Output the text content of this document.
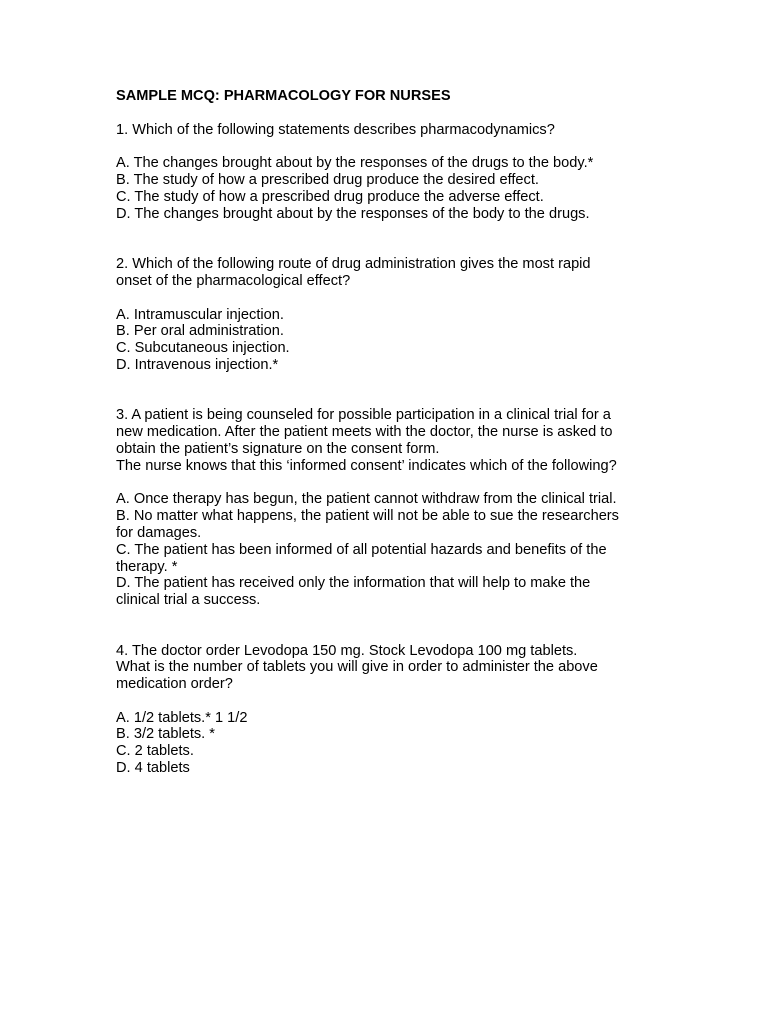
SAMPLE MCQ: PHARMACOLOGY FOR NURSES
1. Which of the following statements describes pharmacodynamics?
A. The changes brought about by the responses of the drugs to the body.*
B. The study of how a prescribed drug produce the desired effect.
C. The study of how a prescribed drug produce the adverse effect.
D. The changes brought about by the responses of the body to the drugs.
2. Which of the following route of drug administration gives the most rapid
onset of the pharmacological effect?
A. Intramuscular injection.
B. Per oral administration.
C. Subcutaneous injection.
D. Intravenous injection.*
3. A patient is being counseled for possible participation in a clinical trial for a
new medication. After the patient meets with the doctor, the nurse is asked to
obtain the patient’s signature on the consent form.
The nurse knows that this ‘informed consent’ indicates which of the following?
A. Once therapy has begun, the patient cannot withdraw from the clinical trial.
B. No matter what happens, the patient will not be able to sue the researchers
for damages.
C. The patient has been informed of all potential hazards and benefits of the
therapy. *
D. The patient has received only the information that will help to make the
clinical trial a success.
4. The doctor order Levodopa 150 mg. Stock Levodopa 100 mg tablets.
What is the number of tablets you will give in order to administer the above
medication order?
A. 1/2 tablets.* 1 1/2
B. 3/2 tablets. *
C. 2 tablets.
D. 4 tablets
